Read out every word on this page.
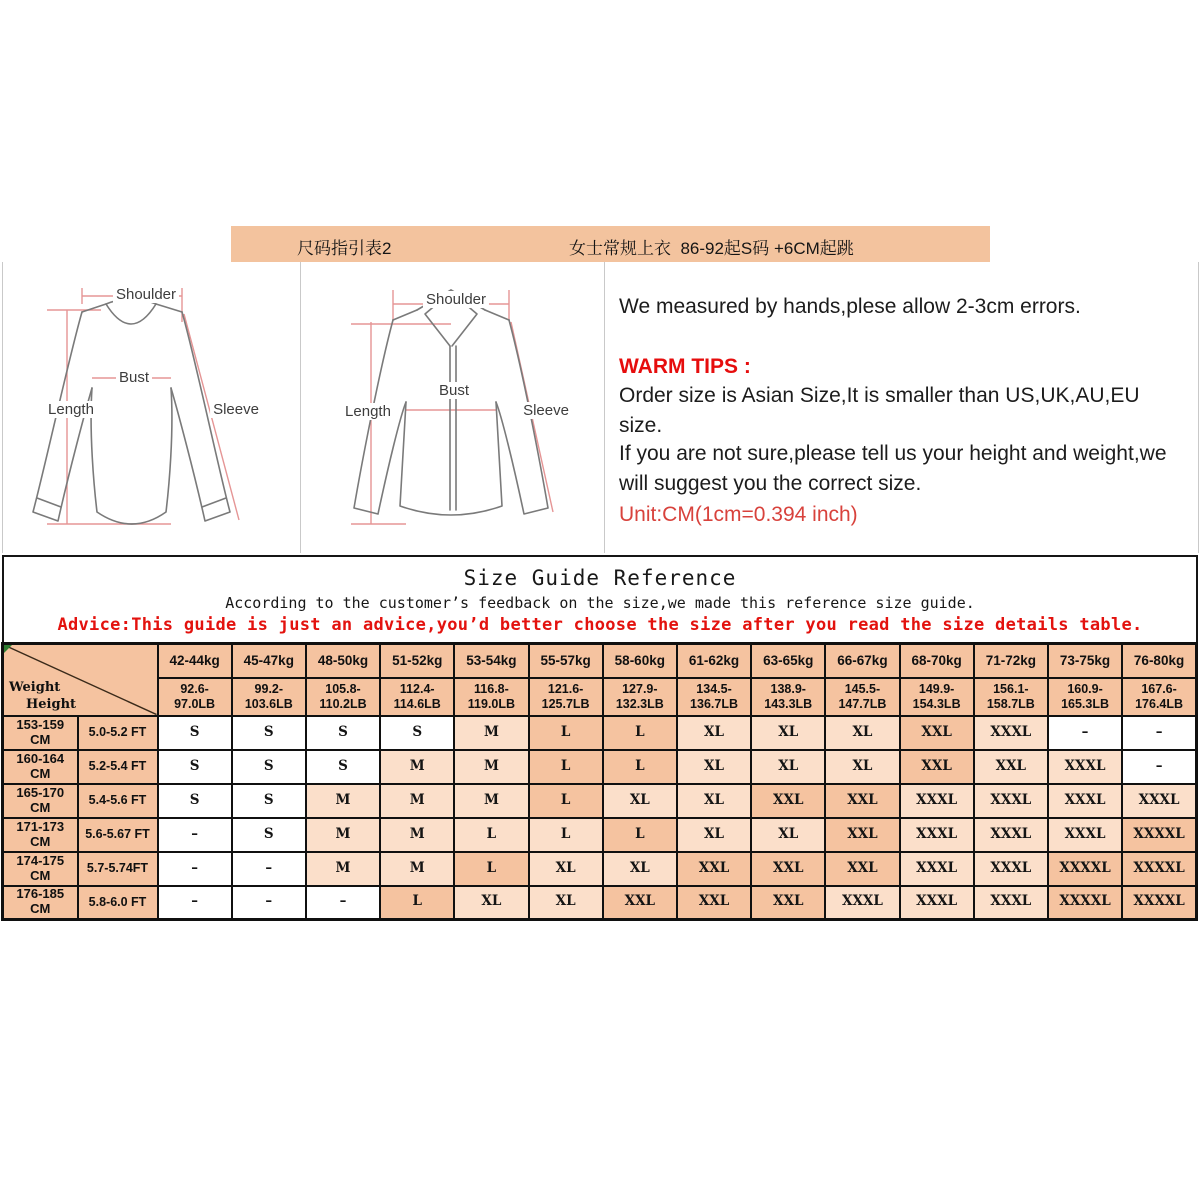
尺码指引表2	女士常规上衣  86-92起S码 +6CM起跳
Shoulder
Bust
Length	Sleeve
Shoulder
Bust
Length	Sleeve
We measured by hands,plese allow 2-3cm errors.
WARM TIPS :
Order size is Asian Size,It is smaller than US,UK,AU,EU size.
If you are not sure,please tell us your height and weight,we will suggest you the correct size.
Unit:CM(1cm=0.394 inch)
Size Guide Reference
According to the customer’s feedback on the size,we made this reference size guide.
Advice:This guide is just an advice,you’d better choose the size after you read the size details table.
Weight
Height		42-44kg	45-47kg	48-50kg	51-52kg	53-54kg	55-57kg	58-60kg	61-62kg	63-65kg	66-67kg	68-70kg	71-72kg	73-75kg	76-80kg
		92.6-97.0LB	99.2-103.6LB	105.8-110.2LB	112.4-114.6LB	116.8-119.0LB	121.6-125.7LB	127.9-132.3LB	134.5-136.7LB	138.9-143.3LB	145.5-147.7LB	149.9-154.3LB	156.1-158.7LB	160.9-165.3LB	167.6-176.4LB
153-159 CM	5.0-5.2 FT	S	S	S	S	M	L	L	XL	XL	XL	XXL	XXXL	–	–
160-164 CM	5.2-5.4 FT	S	S	S	M	M	L	L	XL	XL	XL	XXL	XXL	XXXL	–
165-170 CM	5.4-5.6 FT	S	S	M	M	M	L	XL	XL	XXL	XXL	XXXL	XXXL	XXXL	XXXL
171-173 CM	5.6-5.67 FT	–	S	M	M	L	L	L	XL	XL	XXL	XXXL	XXXL	XXXL	XXXXL
174-175 CM	5.7-5.74FT	–	–	M	M	L	XL	XL	XXL	XXL	XXL	XXXL	XXXL	XXXXL	XXXXL
176-185 CM	5.8-6.0 FT	–	–	–	L	XL	XL	XXL	XXL	XXL	XXXL	XXXL	XXXL	XXXXL	XXXXL
